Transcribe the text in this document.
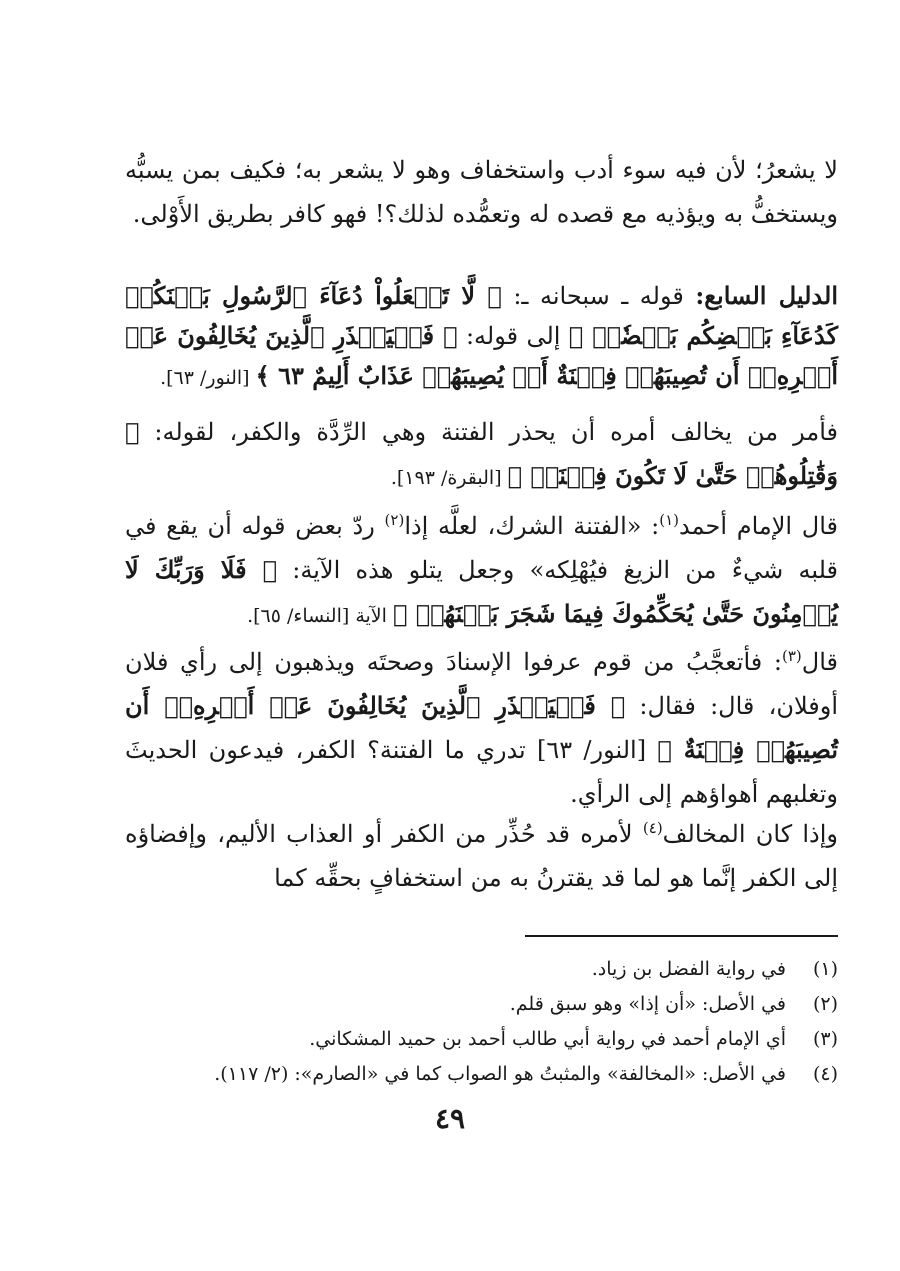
لا يشعرُ؛ لأن فيه سوء أدب واستخفاف وهو لا يشعر به؛ فكيف بمن يسبُّه ويستخفُّ به ويؤذيه مع قصده له وتعمُّده لذلك؟! فهو كافر بطريق الأَوْلى.

الدليل السابع: قوله ـ سبحانه ـ: ﴿ لَّا تَجۡعَلُواْ دُعَآءَ ٱلرَّسُولِ بَيۡنَكُمۡ كَدُعَآءِ بَعۡضِكُم بَعۡضٗاۚ ﴾ إلى قوله: ﴿ فَلۡيَحۡذَرِ ٱلَّذِينَ يُخَالِفُونَ عَنۡ أَمۡرِهِۦٓ أَن تُصِيبَهُمۡ فِتۡنَةٌ أَوۡ يُصِيبَهُمۡ عَذَابٌ أَلِيمٌ ٦٣ ﴾ [النور/ ٦٣].

فأمر من يخالف أمره أن يحذر الفتنة وهي الرِّدَّة والكفر، لقوله: ﴿ وَقَٰتِلُوهُمۡ حَتَّىٰ لَا تَكُونَ فِتۡنَةٞ ﴾ [البقرة/ ١٩٣].

قال الإمام أحمد$^{(١)}$: «الفتنة الشرك، لعلَّه إذا$^{(٢)}$ ردّ بعض قوله أن يقع في قلبه شيءٌ من الزيغ فيُهْلِكه» وجعل يتلو هذه الآية: ﴿ فَلَا وَرَبِّكَ لَا يُؤۡمِنُونَ حَتَّىٰ يُحَكِّمُوكَ فِيمَا شَجَرَ بَيۡنَهُمۡ ﴾ الآية [النساء/ ٦٥].

قال$^{(٣)}$: فأتعجَّبُ من قوم عرفوا الإسنادَ وصحتَه ويذهبون إلى رأي فلان أوفلان، قال: فقال: ﴿ فَلۡيَحۡذَرِ ٱلَّذِينَ يُخَالِفُونَ عَنۡ أَمۡرِهِۦٓ أَن تُصِيبَهُمۡ فِتۡنَةٌ ﴾ [النور/ ٦٣] تدري ما الفتنة؟ الكفر، فيدعون الحديثَ وتغلبهم أهواؤهم إلى الرأي.

وإذا كان المخالف$^{(٤)}$ لأمره قد حُذِّر من الكفر أو العذاب الأليم، وإفضاؤه إلى الكفر إنَّما هو لما قد يقترنُ به من استخفافٍ بحقِّه كما

(١)
في رواية الفضل بن زياد.
(٢)
في الأصل: «أن إذا» وهو سبق قلم.
(٣)
أي الإمام أحمد في رواية أبي طالب أحمد بن حميد المشكاني.
(٤)
في الأصل: «المخالفة» والمثبتُ هو الصواب كما في «الصارم»: (٢/ ١١٧).
٤٩
